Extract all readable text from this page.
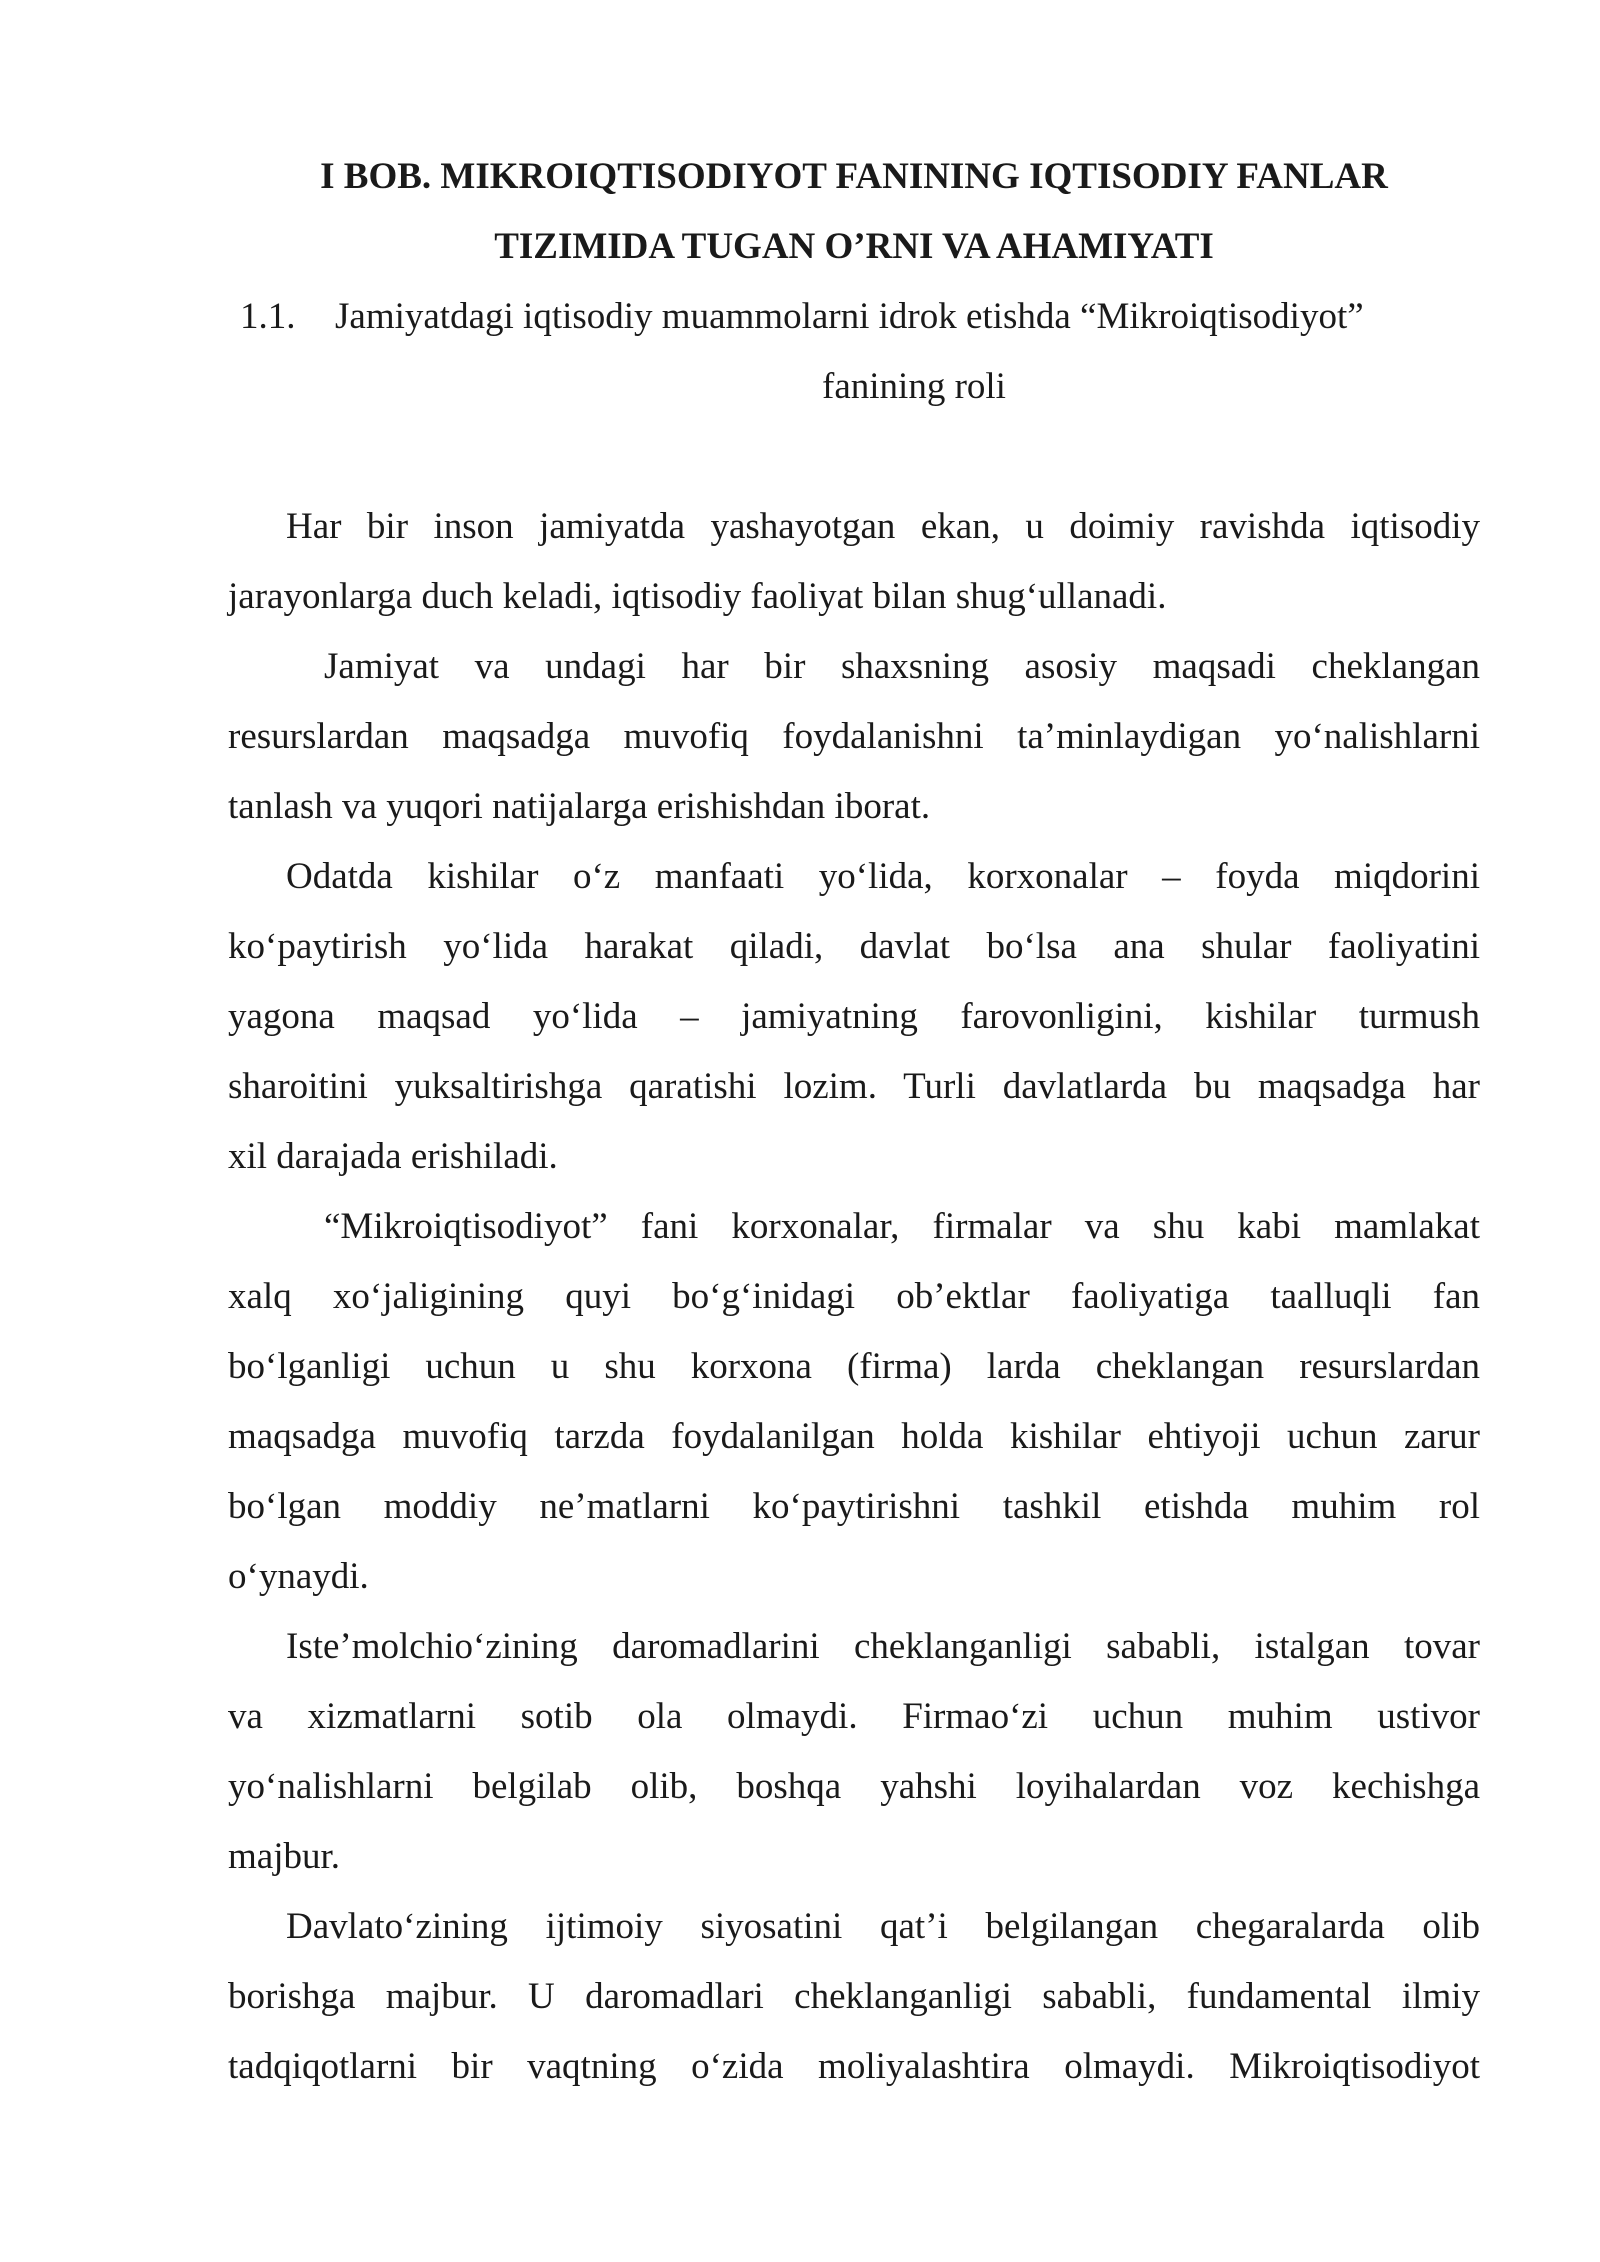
I BOB. MIKROIQTISODIYOT FANINING IQTISODIY FANLAR
TIZIMIDA TUGAN O’RNI VA AHAMIYATI
1.1. Jamiyatdagi iqtisodiy muammolarni idrok etishda “Mikroiqtisodiyot”
fanining roli

Har bir inson jamiyatda yashayotgan ekan, u doimiy ravishda iqtisodiy
jarayonlarga duch keladi, iqtisodiy faoliyat bilan shug‘ullanadi.

Jamiyat va undagi har bir shaxsning asosiy maqsadi cheklangan
resurslardan maqsadga muvofiq foydalanishni ta’minlaydigan yo‘nalishlarni
tanlash va yuqori natijalarga erishishdan iborat.

Odatda kishilar o‘z manfaati yo‘lida, korxonalar – foyda miqdorini
ko‘paytirish yo‘lida harakat qiladi, davlat bo‘lsa ana shular faoliyatini
yagona maqsad yo‘lida – jamiyatning farovonligini, kishilar turmush
sharoitini yuksaltirishga qaratishi lozim. Turli davlatlarda bu maqsadga har
xil darajada erishiladi.

“Mikroiqtisodiyot” fani korxonalar, firmalar va shu kabi mamlakat
xalq xo‘jaligining quyi bo‘g‘inidagi ob’ektlar faoliyatiga taalluqli fan
bo‘lganligi uchun u shu korxona (firma) larda cheklangan resurslardan
maqsadga muvofiq tarzda foydalanilgan holda kishilar ehtiyoji uchun zarur
bo‘lgan moddiy ne’matlarni ko‘paytirishni tashkil etishda muhim rol
o‘ynaydi.

Iste’molchio‘zining daromadlarini cheklanganligi sababli, istalgan tovar
va xizmatlarni sotib ola olmaydi. Firmao‘zi uchun muhim ustivor
yo‘nalishlarni belgilab olib, boshqa yahshi loyihalardan voz kechishga
majbur.

Davlato‘zining ijtimoiy siyosatini qat’i belgilangan chegaralarda olib
borishga majbur. U daromadlari cheklanganligi sababli, fundamental ilmiy
tadqiqotlarni bir vaqtning o‘zida moliyalashtira olmaydi. Mikroiqtisodiyot
